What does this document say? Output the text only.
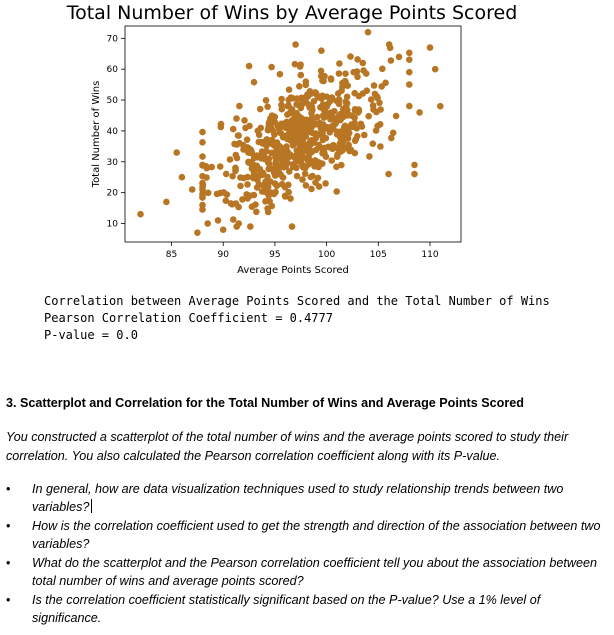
Total Number of Wins by Average Points Scored
85	90	95	100	105	110
10
20
30
40
50
60
70
Average Points Scored
Total Number of Wins
Correlation between Average Points Scored and the Total Number of Wins
Pearson Correlation Coefficient = 0.4777
P-value = 0.0
3. Scatterplot and Correlation for the Total Number of Wins and Average Points Scored
You constructed a scatterplot of the total number of wins and the average points scored to study their correlation. You also calculated the Pearson correlation coefficient along with its P-value.
• In general, how are data visualization techniques used to study relationship trends between two variables?
• How is the correlation coefficient used to get the strength and direction of the association between two variables?
• What do the scatterplot and the Pearson correlation coefficient tell you about the association between total number of wins and average points scored?
• Is the correlation coefficient statistically significant based on the P-value? Use a 1% level of significance.
